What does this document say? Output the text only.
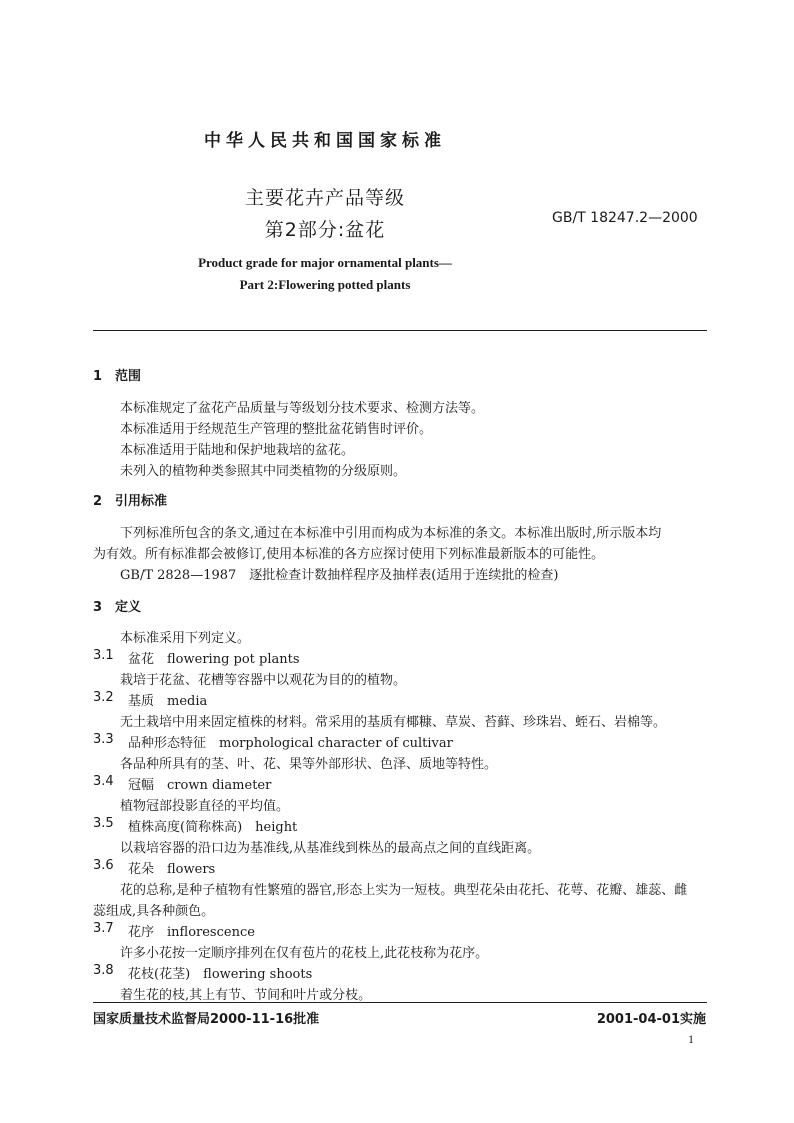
中华人民共和国国家标准
主要花卉产品等级
第2部分:盆花
GB/T 18247.2—2000
Product grade for major ornamental plants—
Part 2:Flowering potted plants
1　范围
本标准规定了盆花产品质量与等级划分技术要求、检测方法等。
本标准适用于经规范生产管理的整批盆花销售时评价。
本标准适用于陆地和保护地栽培的盆花。
未列入的植物种类参照其中同类植物的分级原则。
2　引用标准
下列标准所包含的条文,通过在本标准中引用而构成为本标准的条文。本标准出版时,所示版本均
为有效。所有标准都会被修订,使用本标准的各方应探讨使用下列标准最新版本的可能性。
GB/T 2828—1987　逐批检查计数抽样程序及抽样表(适用于连续批的检查)
3　定义
本标准采用下列定义。
3.1 盆花　flowering pot plants
栽培于花盆、花槽等容器中以观花为目的的植物。
3.2 基质　media
无土栽培中用来固定植株的材料。常采用的基质有椰糠、草炭、苔藓、珍珠岩、蛭石、岩棉等。
3.3 品种形态特征　morphological character of cultivar
各品种所具有的茎、叶、花、果等外部形状、色泽、质地等特性。
3.4 冠幅　crown diameter
植物冠部投影直径的平均值。
3.5 植株高度(简称株高)　height
以栽培容器的沿口边为基准线,从基准线到株丛的最高点之间的直线距离。
3.6 花朵　flowers
花的总称,是种子植物有性繁殖的器官,形态上实为一短枝。典型花朵由花托、花萼、花瓣、雄蕊、雌
蕊组成,具各种颜色。
3.7 花序　inflorescence
许多小花按一定顺序排列在仅有苞片的花枝上,此花枝称为花序。
3.8 花枝(花茎)　flowering shoots
着生花的枝,其上有节、节间和叶片或分枝。
国家质量技术监督局2000-11-16批准	2001-04-01实施
1
